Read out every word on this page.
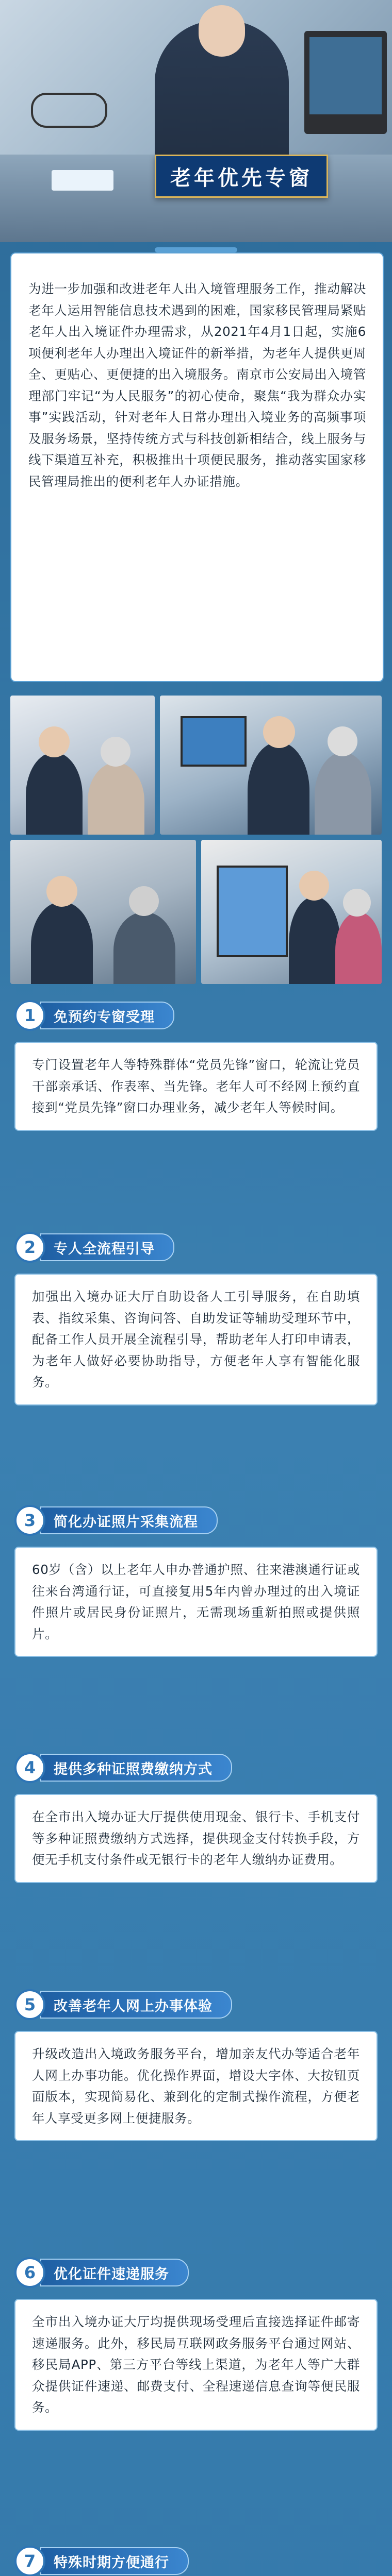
老年优先专窗
为进一步加强和改进老年人出入境管理服务工作，推动解决老年人运用智能信息技术遇到的困难，国家移民管理局紧贴老年人出入境证件办理需求，从2021年4月1日起，实施6项便利老年人办理出入境证件的新举措，为老年人提供更周全、更贴心、更便捷的出入境服务。南京市公安局出入境管理部门牢记“为人民服务”的初心使命，聚焦“我为群众办实事”实践活动，针对老年人日常办理出入境业务的高频事项及服务场景，坚持传统方式与科技创新相结合，线上服务与线下渠道互补充，积极推出十项便民服务，推动落实国家移民管理局推出的便利老年人办证措施。
1	免预约专窗受理
专门设置老年人等特殊群体“党员先锋”窗口，轮流让党员干部亲承话、作表率、当先锋。老年人可不经网上预约直接到“党员先锋”窗口办理业务，减少老年人等候时间。
2	专人全流程引导
加强出入境办证大厅自助设备人工引导服务，在自助填表、指纹采集、咨询问答、自助发证等辅助受理环节中，配备工作人员开展全流程引导，帮助老年人打印申请表，为老年人做好必要协助指导，方便老年人享有智能化服务。
3	简化办证照片采集流程
60岁（含）以上老年人申办普通护照、往来港澳通行证或往来台湾通行证，可直接复用5年内曾办理过的出入境证件照片或居民身份证照片，无需现场重新拍照或提供照片。
4	提供多种证照费缴纳方式
在全市出入境办证大厅提供使用现金、银行卡、手机支付等多种证照费缴纳方式选择，提供现金支付转换手段，方便无手机支付条件或无银行卡的老年人缴纳办证费用。
5	改善老年人网上办事体验
升级改造出入境政务服务平台，增加亲友代办等适合老年人网上办事功能。优化操作界面，增设大字体、大按钮页面版本，实现简易化、兼到化的定制式操作流程，方便老年人享受更多网上便捷服务。
6	优化证件速递服务
全市出入境办证大厅均提供现场受理后直接选择证件邮寄速递服务。此外，移民局互联网政务服务平台通过网站、移民局APP、第三方平台等线上渠道，为老年人等广大群众提供证件速递、邮费支付、全程速递信息查询等便民服务。
7	特殊时期方便通行
